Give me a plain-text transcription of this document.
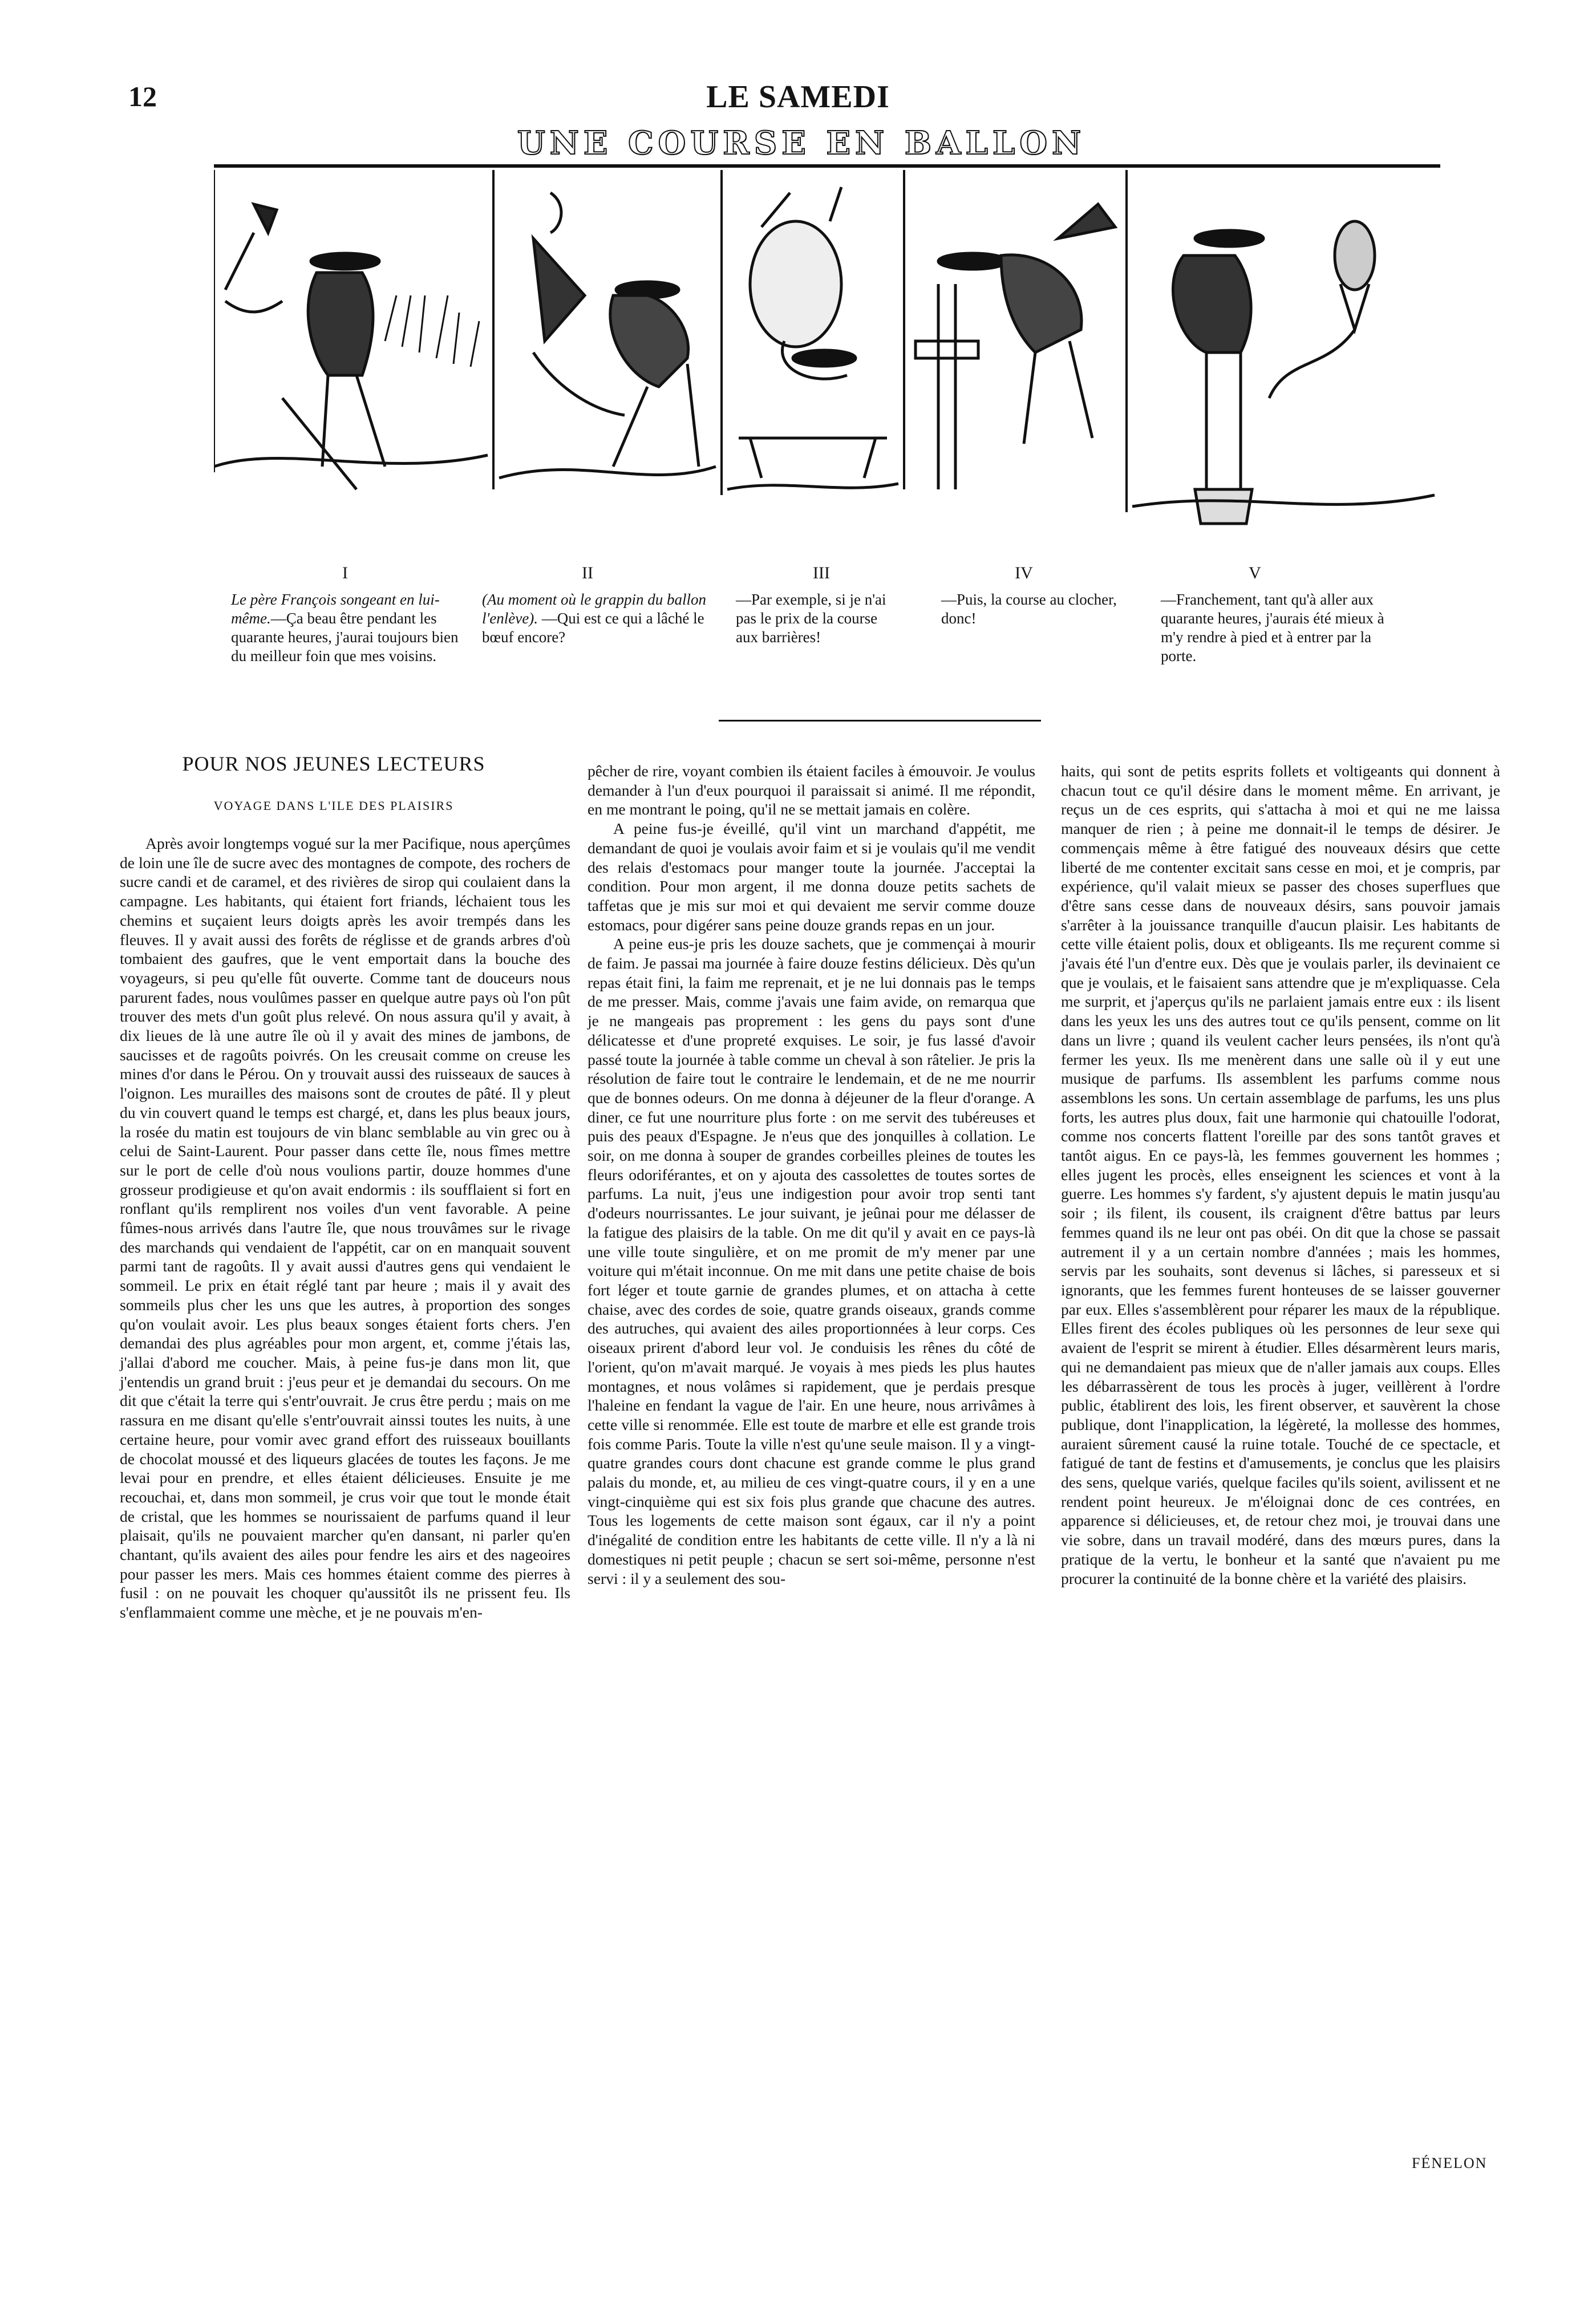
12	LE SAMEDI
UNE COURSE EN BALLON
I
Le père François songeant en lui-même.—Ça beau être pendant les quarante heures, j'aurai toujours bien du meilleur foin que mes voisins.
II
(Au moment où le grappin du ballon l'enlève). —Qui est ce qui a lâché le bœuf encore?
III
—Par exemple, si je n'ai pas le prix de la course aux barrières!
IV
—Puis, la course au clocher, donc!
V
—Franchement, tant qu'à aller aux quarante heures, j'aurais été mieux à m'y rendre à pied et à entrer par la porte.
POUR NOS JEUNES LECTEURS
VOYAGE DANS L'ILE DES PLAISIRS

Après avoir longtemps vogué sur la mer Pacifique, nous aperçûmes de loin une île de sucre avec des montagnes de compote, des rochers de sucre candi et de caramel, et des rivières de sirop qui coulaient dans la campagne. Les habitants, qui étaient fort friands, léchaient tous les chemins et suçaient leurs doigts après les avoir trempés dans les fleuves. Il y avait aussi des forêts de réglisse et de grands arbres d'où tombaient des gaufres, que le vent emportait dans la bouche des voyageurs, si peu qu'elle fût ouverte. Comme tant de douceurs nous parurent fades, nous voulûmes passer en quelque autre pays où l'on pût trouver des mets d'un goût plus relevé. On nous assura qu'il y avait, à dix lieues de là une autre île où il y avait des mines de jambons, de saucisses et de ragoûts poivrés. On les creusait comme on creuse les mines d'or dans le Pérou. On y trouvait aussi des ruisseaux de sauces à l'oignon. Les murailles des maisons sont de croutes de pâté. Il y pleut du vin couvert quand le temps est chargé, et, dans les plus beaux jours, la rosée du matin est toujours de vin blanc semblable au vin grec ou à celui de Saint-Laurent. Pour passer dans cette île, nous fîmes mettre sur le port de celle d'où nous voulions partir, douze hommes d'une grosseur prodigieuse et qu'on avait endormis : ils soufflaient si fort en ronflant qu'ils remplirent nos voiles d'un vent favorable. A peine fûmes-nous arrivés dans l'autre île, que nous trouvâmes sur le rivage des marchands qui vendaient de l'appétit, car on en manquait souvent parmi tant de ragoûts. Il y avait aussi d'autres gens qui vendaient le sommeil. Le prix en était réglé tant par heure ; mais il y avait des sommeils plus cher les uns que les autres, à proportion des songes qu'on voulait avoir. Les plus beaux songes étaient forts chers. J'en demandai des plus agréables pour mon argent, et, comme j'étais las, j'allai d'abord me coucher. Mais, à peine fus-je dans mon lit, que j'entendis un grand bruit : j'eus peur et je demandai du secours. On me dit que c'était la terre qui s'entr'ouvrait. Je crus être perdu ; mais on me rassura en me disant qu'elle s'entr'ouvrait ainssi toutes les nuits, à une certaine heure, pour vomir avec grand effort des ruisseaux bouillants de chocolat moussé et des liqueurs glacées de toutes les façons. Je me levai pour en prendre, et elles étaient délicieuses. Ensuite je me recouchai, et, dans mon sommeil, je crus voir que tout le monde était de cristal, que les hommes se nourissaient de parfums quand il leur plaisait, qu'ils ne pouvaient marcher qu'en dansant, ni parler qu'en chantant, qu'ils avaient des ailes pour fendre les airs et des nageoires pour passer les mers. Mais ces hommes étaient comme des pierres à fusil : on ne pouvait les choquer qu'aussitôt ils ne prissent feu. Ils s'enflammaient comme une mèche, et je ne pouvais m'en-

pêcher de rire, voyant combien ils étaient faciles à émouvoir. Je voulus demander à l'un d'eux pourquoi il paraissait si animé. Il me répondit, en me montrant le poing, qu'il ne se mettait jamais en colère.

A peine fus-je éveillé, qu'il vint un marchand d'appétit, me demandant de quoi je voulais avoir faim et si je voulais qu'il me vendit des relais d'estomacs pour manger toute la journée. J'acceptai la condition. Pour mon argent, il me donna douze petits sachets de taffetas que je mis sur moi et qui devaient me servir comme douze estomacs, pour digérer sans peine douze grands repas en un jour.

A peine eus-je pris les douze sachets, que je commençai à mourir de faim. Je passai ma journée à faire douze festins délicieux. Dès qu'un repas était fini, la faim me reprenait, et je ne lui donnais pas le temps de me presser. Mais, comme j'avais une faim avide, on remarqua que je ne mangeais pas proprement : les gens du pays sont d'une délicatesse et d'une propreté exquises. Le soir, je fus lassé d'avoir passé toute la journée à table comme un cheval à son râtelier. Je pris la résolution de faire tout le contraire le lendemain, et de ne me nourrir que de bonnes odeurs. On me donna à déjeuner de la fleur d'orange. A diner, ce fut une nourriture plus forte : on me servit des tubéreuses et puis des peaux d'Espagne. Je n'eus que des jonquilles à collation. Le soir, on me donna à souper de grandes corbeilles pleines de toutes les fleurs odoriférantes, et on y ajouta des cassolettes de toutes sortes de parfums. La nuit, j'eus une indigestion pour avoir trop senti tant d'odeurs nourrissantes. Le jour suivant, je jeûnai pour me délasser de la fatigue des plaisirs de la table. On me dit qu'il y avait en ce pays-là une ville toute singulière, et on me promit de m'y mener par une voiture qui m'était inconnue. On me mit dans une petite chaise de bois fort léger et toute garnie de grandes plumes, et on attacha à cette chaise, avec des cordes de soie, quatre grands oiseaux, grands comme des autruches, qui avaient des ailes proportionnées à leur corps. Ces oiseaux prirent d'abord leur vol. Je conduisis les rênes du côté de l'orient, qu'on m'avait marqué. Je voyais à mes pieds les plus hautes montagnes, et nous volâmes si rapidement, que je perdais presque l'haleine en fendant la vague de l'air. En une heure, nous arrivâmes à cette ville si renommée. Elle est toute de marbre et elle est grande trois fois comme Paris. Toute la ville n'est qu'une seule maison. Il y a vingt-quatre grandes cours dont chacune est grande comme le plus grand palais du monde, et, au milieu de ces vingt-quatre cours, il y en a une vingt-cinquième qui est six fois plus grande que chacune des autres. Tous les logements de cette maison sont égaux, car il n'y a point d'inégalité de condition entre les habitants de cette ville. Il n'y a là ni domestiques ni petit peuple ; chacun se sert soi-même, personne n'est servi : il y a seulement des sou-

haits, qui sont de petits esprits follets et voltigeants qui donnent à chacun tout ce qu'il désire dans le moment même. En arrivant, je reçus un de ces esprits, qui s'attacha à moi et qui ne me laissa manquer de rien ; à peine me donnait-il le temps de désirer. Je commençais même à être fatigué des nouveaux désirs que cette liberté de me contenter excitait sans cesse en moi, et je compris, par expérience, qu'il valait mieux se passer des choses superflues que d'être sans cesse dans de nouveaux désirs, sans pouvoir jamais s'arrêter à la jouissance tranquille d'aucun plaisir. Les habitants de cette ville étaient polis, doux et obligeants. Ils me reçurent comme si j'avais été l'un d'entre eux. Dès que je voulais parler, ils devinaient ce que je voulais, et le faisaient sans attendre que je m'expliquasse. Cela me surprit, et j'aperçus qu'ils ne parlaient jamais entre eux : ils lisent dans les yeux les uns des autres tout ce qu'ils pensent, comme on lit dans un livre ; quand ils veulent cacher leurs pensées, ils n'ont qu'à fermer les yeux. Ils me menèrent dans une salle où il y eut une musique de parfums. Ils assemblent les parfums comme nous assemblons les sons. Un certain assemblage de parfums, les uns plus forts, les autres plus doux, fait une harmonie qui chatouille l'odorat, comme nos concerts flattent l'oreille par des sons tantôt graves et tantôt aigus. En ce pays-là, les femmes gouvernent les hommes ; elles jugent les procès, elles enseignent les sciences et vont à la guerre. Les hommes s'y fardent, s'y ajustent depuis le matin jusqu'au soir ; ils filent, ils cousent, ils craignent d'être battus par leurs femmes quand ils ne leur ont pas obéi. On dit que la chose se passait autrement il y a un certain nombre d'années ; mais les hommes, servis par les souhaits, sont devenus si lâches, si paresseux et si ignorants, que les femmes furent honteuses de se laisser gouverner par eux. Elles s'assemblèrent pour réparer les maux de la république. Elles firent des écoles publiques où les personnes de leur sexe qui avaient de l'esprit se mirent à étudier. Elles désarmèrent leurs maris, qui ne demandaient pas mieux que de n'aller jamais aux coups. Elles les débarrassèrent de tous les procès à juger, veillèrent à l'ordre public, établirent des lois, les firent observer, et sauvèrent la chose publique, dont l'inapplication, la légèreté, la mollesse des hommes, auraient sûrement causé la ruine totale. Touché de ce spectacle, et fatigué de tant de festins et d'amusements, je conclus que les plaisirs des sens, quelque variés, quelque faciles qu'ils soient, avilissent et ne rendent point heureux. Je m'éloignai donc de ces contrées, en apparence si délicieuses, et, de retour chez moi, je trouvai dans une vie sobre, dans un travail modéré, dans des mœurs pures, dans la pratique de la vertu, le bonheur et la santé que n'avaient pu me procurer la continuité de la bonne chère et la variété des plaisirs.

FÉNELON
